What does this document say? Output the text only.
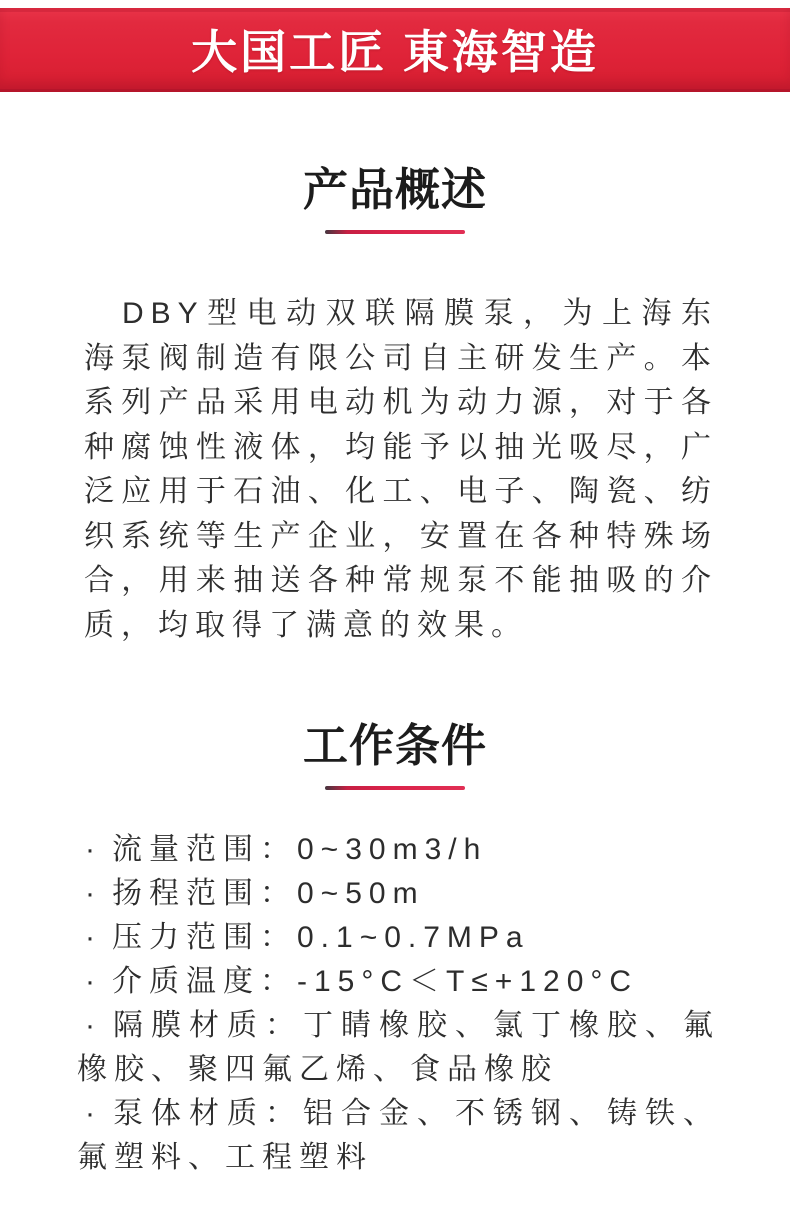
大国工匠 東海智造
产品概述

DBY型电动双联隔膜泵，为上海东海泵阀制造有限公司自主研发生产。本系列产品采用电动机为动力源，对于各种腐蚀性液体，均能予以抽光吸尽，广泛应用于石油、化工、电子、陶瓷、纺织系统等生产企业，安置在各种特殊场合，用来抽送各种常规泵不能抽吸的介质，均取得了满意的效果。

工作条件
· 流量范围：0~30m3/h
· 扬程范围：0~50m
· 压力范围：0.1~0.7MPa
· 介质温度：-15°C＜T≤+120°C
· 隔膜材质：丁睛橡胶、氯丁橡胶、氟橡胶、聚四氟乙烯、食品橡胶
· 泵体材质：铝合金、不锈钢、铸铁、氟塑料、工程塑料
